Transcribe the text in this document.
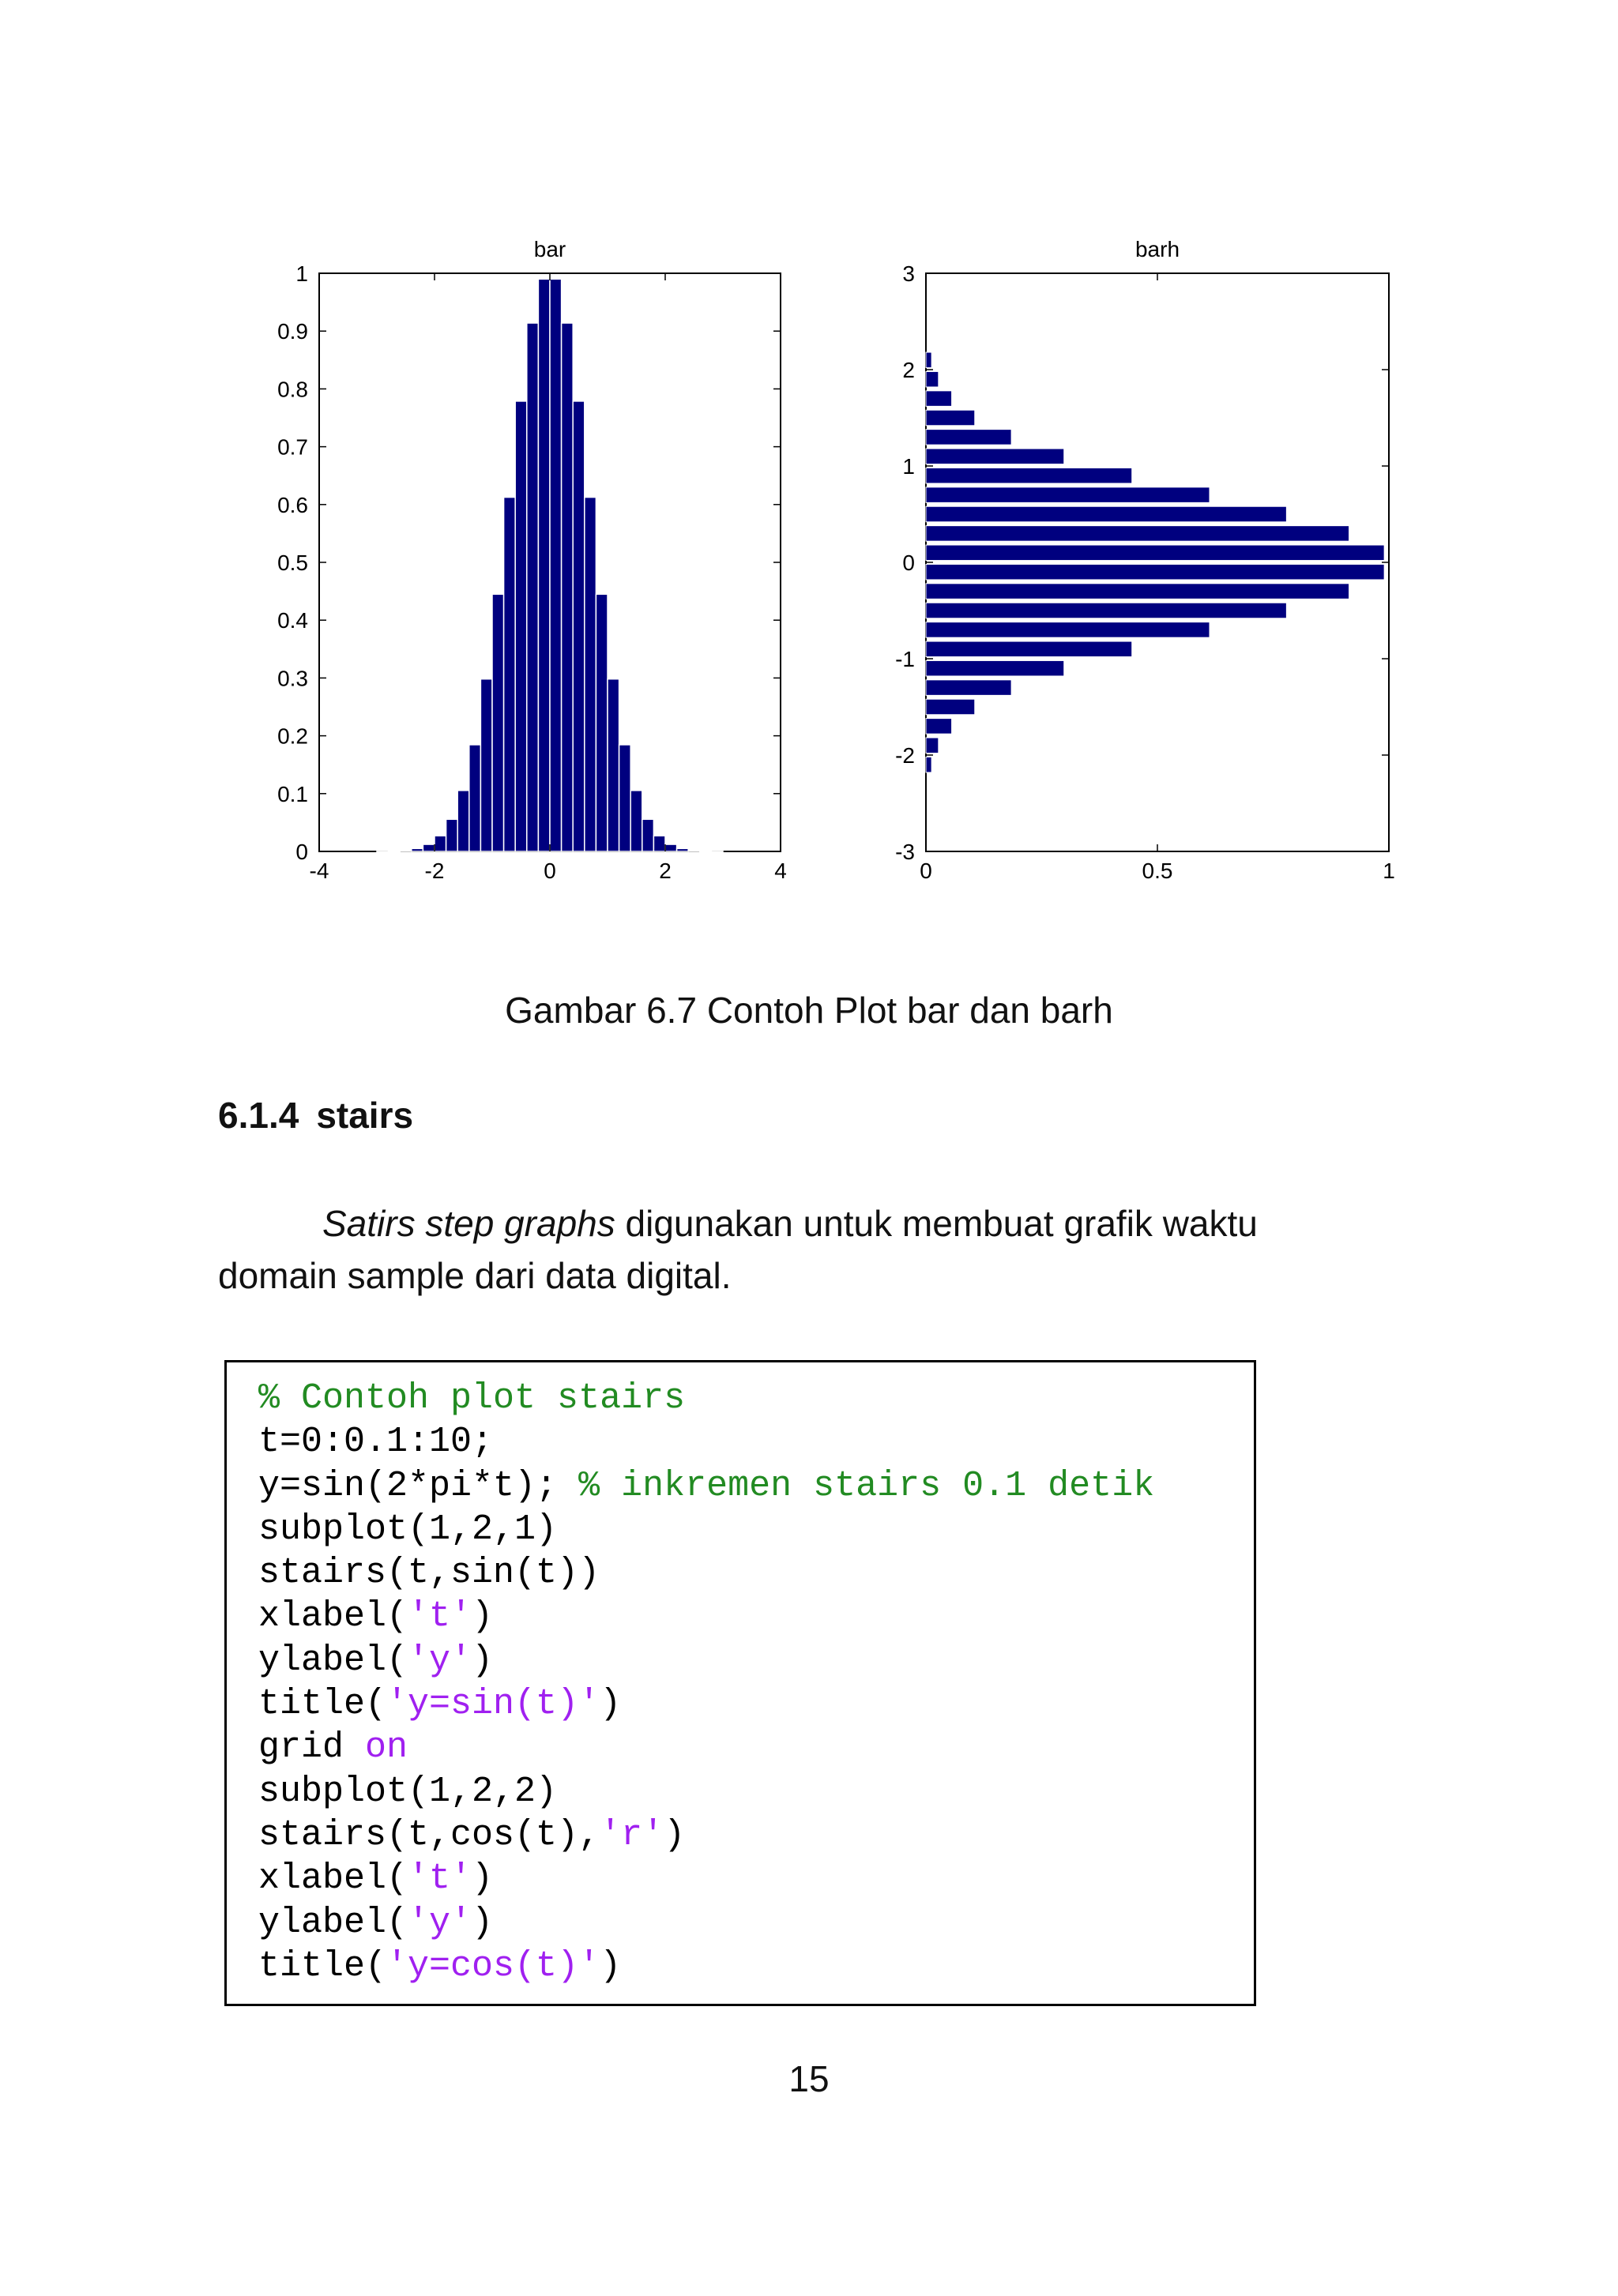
bar
0
0.1
0.2
0.3
0.4
0.5
0.6
0.7
0.8
0.9
1
-4	-2	0	2	4
barh
-3
-2
-1
0
1
2
3
0	0.5	1
Gambar 6.7 Contoh Plot bar dan barh
6.1.4 stairs
Satirs step graphs digunakan untuk membuat grafik waktu
domain sample dari data digital.
% Contoh plot stairs
t=0:0.1:10;
y=sin(2*pi*t); % inkremen stairs 0.1 detik
subplot(1,2,1)
stairs(t,sin(t))
xlabel('t')
ylabel('y')
title('y=sin(t)')
grid on
subplot(1,2,2)
stairs(t,cos(t),'r')
xlabel('t')
ylabel('y')
title('y=cos(t)')
15
